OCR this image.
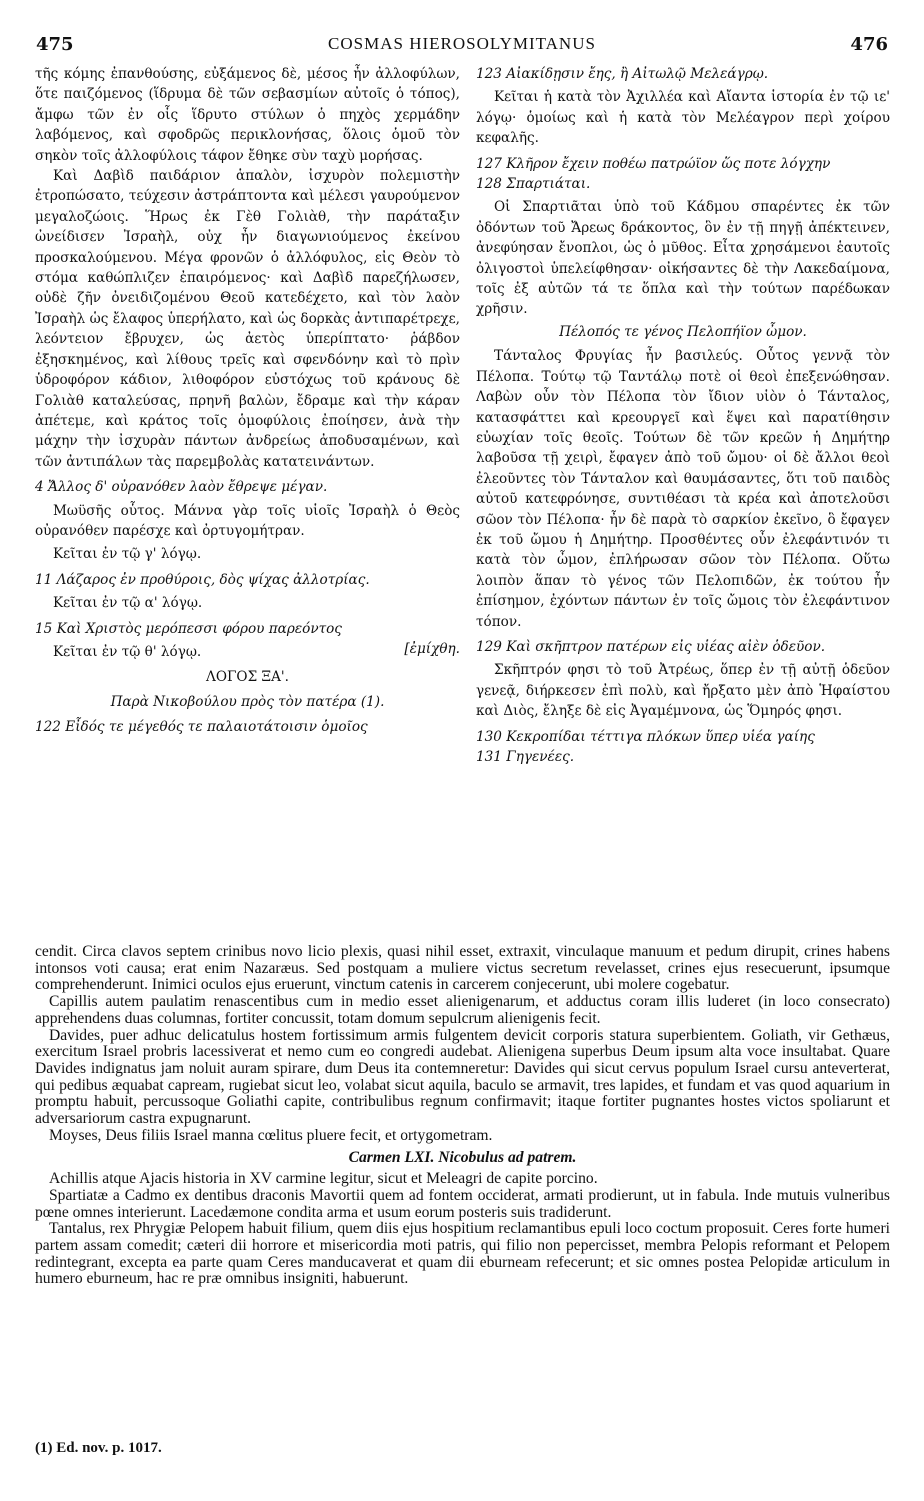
475	COSMAS HIEROSOLYMITANUS	476

τῆς κόμης ἐπανθούσης, εὐξάμενος δὲ, μέσος ἦν ἀλλοφύλων, ὅτε παιζόμενος (ἵδρυμα δὲ τῶν σεβασμίων αὐτοῖς ὁ τόπος), ἄμφω τῶν ἐν οἷς ἵδρυτο στύλων ὁ πηχὸς χερμάδην λαβόμενος, καὶ σφοδρῶς περικλονήσας, ὅλοις ὁμοῦ τὸν σηκὸν τοῖς ἀλλοφύλοις τάφον ἔθηκε σὺν ταχὺ μορήσας.

Καὶ Δαβὶδ παιδάριον ἁπαλὸν, ἰσχυρὸν πολεμιστὴν ἐτροπώσατο, τεύχεσιν ἀστράπτοντα καὶ μέλεσι γαυρούμενον μεγαλοζώοις. Ἥρως ἐκ Γὲθ Γολιὰθ, τὴν παράταξιν ὠνείδισεν Ἰσραὴλ, οὐχ ἦν διαγωνιούμενος ἐκείνου προσκαλούμενου. Μέγα φρονῶν ὁ ἀλλόφυλος, εἰς Θεὸν τὸ στόμα καθώπλιζεν ἐπαιρόμενος· καὶ Δαβὶδ παρεζήλωσεν, οὐδὲ ζῆν ὀνειδιζομένου Θεοῦ κατεδέχετο, καὶ τὸν λαὸν Ἰσραὴλ ὡς ἔλαφος ὑπερήλατο, καὶ ὡς δορκὰς ἀντιπαρέτρεχε, λεόντειον ἔβρυχεν, ὡς ἀετὸς ὑπερίπτατο· ῥάβδον ἐξησκημένος, καὶ λίθους τρεῖς καὶ σφενδόνην καὶ τὸ πρὶν ὑδροφόρον κάδιον, λιθοφόρον εὐστόχως τοῦ κράνους δὲ Γολιὰθ καταλεύσας, πρηνῆ βαλὼν, ἔδραμε καὶ τὴν κάραν ἀπέτεμε, καὶ κράτος τοῖς ὁμοφύλοις ἐποίησεν, ἀνὰ τὴν μάχην τὴν ἰσχυρὰν πάντων ἀνδρείως ἀποδυσαμένων, καὶ τῶν ἀντιπάλων τὰς παρεμβολὰς κατατεινάντων.

4 Ἄλλος δ' οὐρανόθεν λαὸν ἔθρεψε μέγαν.

Μωϋσῆς οὗτος. Μάννα γὰρ τοῖς υἱοῖς Ἰσραὴλ ὁ Θεὸς οὐρανόθεν παρέσχε καὶ ὀρτυγομήτραν.

Κεῖται ἐν τῷ γ' λόγῳ.
11 Λάζαρος ἐν προθύροις, δὸς ψίχας ἀλλοτρίας.
Κεῖται ἐν τῷ α' λόγῳ.
15 Καὶ Χριστὸς μερόπεσσι φόρου παρεόντος

[ἐμίχθη.
Κεῖται ἐν τῷ θ' λόγῳ.
ΛΟΓΟΣ ΞΑ'.
Παρὰ Νικοβούλου πρὸς τὸν πατέρα (1).
122 Εἶδός τε μέγεθός τε παλαιοτάτοισιν ὁμοῖος
123 Αἰακίδῃσιν ἔης, ἢ Αἰτωλῷ Μελεάγρῳ.

Κεῖται ἡ κατὰ τὸν Ἀχιλλέα καὶ Αἴαντα ἱστορία ἐν τῷ ιε' λόγῳ· ὁμοίως καὶ ἡ κατὰ τὸν Μελέαγρον περὶ χοίρου κεφαλῆς.

127 Κλῆρον ἔχειν ποθέω πατρώϊον ὥς ποτε λόγχην
128 Σπαρτιάται.

Οἱ Σπαρτιᾶται ὑπὸ τοῦ Κάδμου σπαρέντες ἐκ τῶν ὀδόντων τοῦ Ἄρεως δράκοντος, ὃν ἐν τῇ πηγῇ ἀπέκτεινεν, ἀνεφύησαν ἔνοπλοι, ὡς ὁ μῦθος. Εἶτα χρησάμενοι ἑαυτοῖς ὀλιγοστοὶ ὑπελείφθησαν· οἰκήσαντες δὲ τὴν Λακεδαίμονα, τοῖς ἐξ αὐτῶν τά τε ὅπλα καὶ τὴν τούτων παρέδωκαν χρῆσιν.

Πέλοπός τε γένος Πελοπήϊον ὦμον.

Τάνταλος Φρυγίας ἦν βασιλεύς. Οὗτος γεννᾷ τὸν Πέλοπα. Τούτῳ τῷ Ταντάλῳ ποτὲ οἱ θεοὶ ἐπεξενώθησαν. Λαβὼν οὖν τὸν Πέλοπα τὸν ἴδιον υἱὸν ὁ Τάνταλος, κατασφάττει καὶ κρεουργεῖ καὶ ἕψει καὶ παρατίθησιν εὐωχίαν τοῖς θεοῖς. Τούτων δὲ τῶν κρεῶν ἡ Δημήτηρ λαβοῦσα τῇ χειρὶ, ἔφαγεν ἀπὸ τοῦ ὤμου· οἱ δὲ ἄλλοι θεοὶ ἐλεοῦντες τὸν Τάνταλον καὶ θαυμάσαντες, ὅτι τοῦ παιδὸς αὐτοῦ κατεφρόνησε, συντιθέασι τὰ κρέα καὶ ἀποτελοῦσι σῶον τὸν Πέλοπα· ἦν δὲ παρὰ τὸ σαρκίον ἐκεῖνο, ὃ ἔφαγεν ἐκ τοῦ ὤμου ἡ Δημήτηρ. Προσθέντες οὖν ἐλεφάντινόν τι κατὰ τὸν ὦμον, ἐπλήρωσαν σῶον τὸν Πέλοπα. Οὕτω λοιπὸν ἅπαν τὸ γένος τῶν Πελοπιδῶν, ἐκ τούτου ἦν ἐπίσημον, ἐχόντων πάντων ἐν τοῖς ὤμοις τὸν ἐλεφάντινον τόπον.

129 Καὶ σκῆπτρον πατέρων εἰς υἱέας αἰὲν ὁδεῦον.

Σκῆπτρόν φησι τὸ τοῦ Ἀτρέως, ὅπερ ἐν τῇ αὐτῇ ὁδεῦον γενεᾷ, διήρκεσεν ἐπὶ πολὺ, καὶ ἤρξατο μὲν ἀπὸ Ἡφαίστου καὶ Διὸς, ἔληξε δὲ εἰς Ἀγαμέμνονα, ὡς Ὅμηρός φησι.

130 Κεκροπίδαι τέττιγα πλόκων ὕπερ υἱέα γαίης
131 Γηγενέες.

cendit. Circa clavos septem crinibus novo licio plexis, quasi nihil esset, extraxit, vinculaque manuum et pedum dirupit, crines habens intonsos voti causa; erat enim Nazaræus. Sed postquam a muliere victus secretum revelasset, crines ejus resecuerunt, ipsumque comprehenderunt. Inimici oculos ejus eruerunt, vinctum catenis in carcerem conjecerunt, ubi molere cogebatur.

Capillis autem paulatim renascentibus cum in medio esset alienigenarum, et adductus coram illis luderet (in loco consecrato) apprehendens duas columnas, fortiter concussit, totam domum sepulcrum alienigenis fecit.

Davides, puer adhuc delicatulus hostem fortissimum armis fulgentem devicit corporis statura superbientem. Goliath, vir Gethæus, exercitum Israel probris lacessiverat et nemo cum eo congredi audebat. Alienigena superbus Deum ipsum alta voce insultabat. Quare Davides indignatus jam noluit auram spirare, dum Deus ita contemneretur: Davides qui sicut cervus populum Israel cursu anteverterat, qui pedibus æquabat capream, rugiebat sicut leo, volabat sicut aquila, baculo se armavit, tres lapides, et fundam et vas quod aquarium in promptu habuit, percussoque Goliathi capite, contribulibus regnum confirmavit; itaque fortiter pugnantes hostes victos spoliarunt et adversariorum castra expugnarunt.

Moyses, Deus filiis Israel manna cœlitus pluere fecit, et ortygometram.

Carmen LXI. Nicobulus ad patrem.

Achillis atque Ajacis historia in XV carmine legitur, sicut et Meleagri de capite porcino.

Spartiatæ a Cadmo ex dentibus draconis Mavortii quem ad fontem occiderat, armati prodierunt, ut in fabula. Inde mutuis vulneribus pœne omnes interierunt. Lacedæmone condita arma et usum eorum posteris suis tradiderunt.

Tantalus, rex Phrygiæ Pelopem habuit filium, quem diis ejus hospitium reclamantibus epuli loco coctum proposuit. Ceres forte humeri partem assam comedit; cæteri dii horrore et misericordia moti patris, qui filio non pepercisset, membra Pelopis reformant et Pelopem redintegrant, excepta ea parte quam Ceres manducaverat et quam dii eburneam refecerunt; et sic omnes posteа Pelopidæ articulum in humero eburneum, hac re præ omnibus insigniti, habuerunt.

(1) Ed. nov. p. 1017.
